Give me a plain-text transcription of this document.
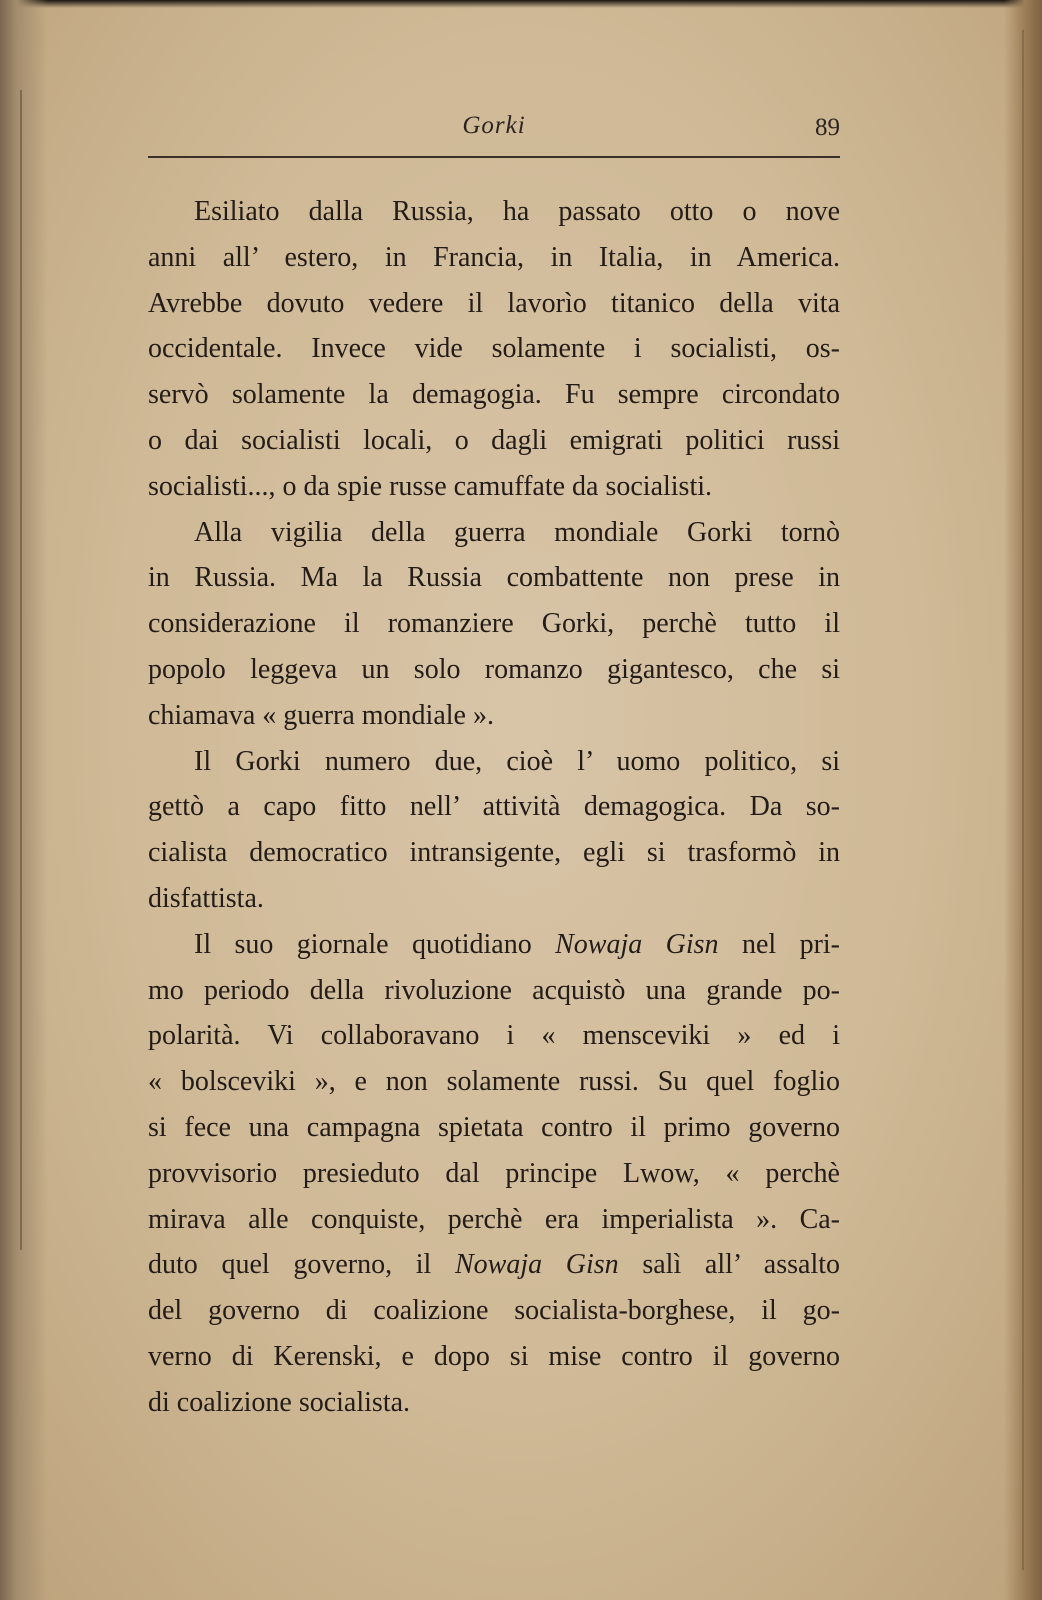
Gorki	89
Esiliato dalla Russia, ha passato otto o nove
anni all’ estero, in Francia, in Italia, in America.
Avrebbe dovuto vedere il lavorìo titanico della vita
occidentale. Invece vide solamente i socialisti, os-
servò solamente la demagogia. Fu sempre circondato
o dai socialisti locali, o dagli emigrati politici russi
socialisti..., o da spie russe camuffate da socialisti.
Alla vigilia della guerra mondiale Gorki tornò
in Russia. Ma la Russia combattente non prese in
considerazione il romanziere Gorki, perchè tutto il
popolo leggeva un solo romanzo gigantesco, che si
chiamava « guerra mondiale ».
Il Gorki numero due, cioè l’ uomo politico, si
gettò a capo fitto nell’ attività demagogica. Da so-
cialista democratico intransigente, egli si trasformò in
disfattista.
Il suo giornale quotidiano Nowaja Gisn nel pri-
mo periodo della rivoluzione acquistò una grande po-
polarità. Vi collaboravano i « mensceviki » ed i
« bolsceviki », e non solamente russi. Su quel foglio
si fece una campagna spietata contro il primo governo
provvisorio presieduto dal principe Lwow, « perchè
mirava alle conquiste, perchè era imperialista ». Ca-
duto quel governo, il Nowaja Gisn salì all’ assalto
del governo di coalizione socialista-borghese, il go-
verno di Kerenski, e dopo si mise contro il governo
di coalizione socialista.
